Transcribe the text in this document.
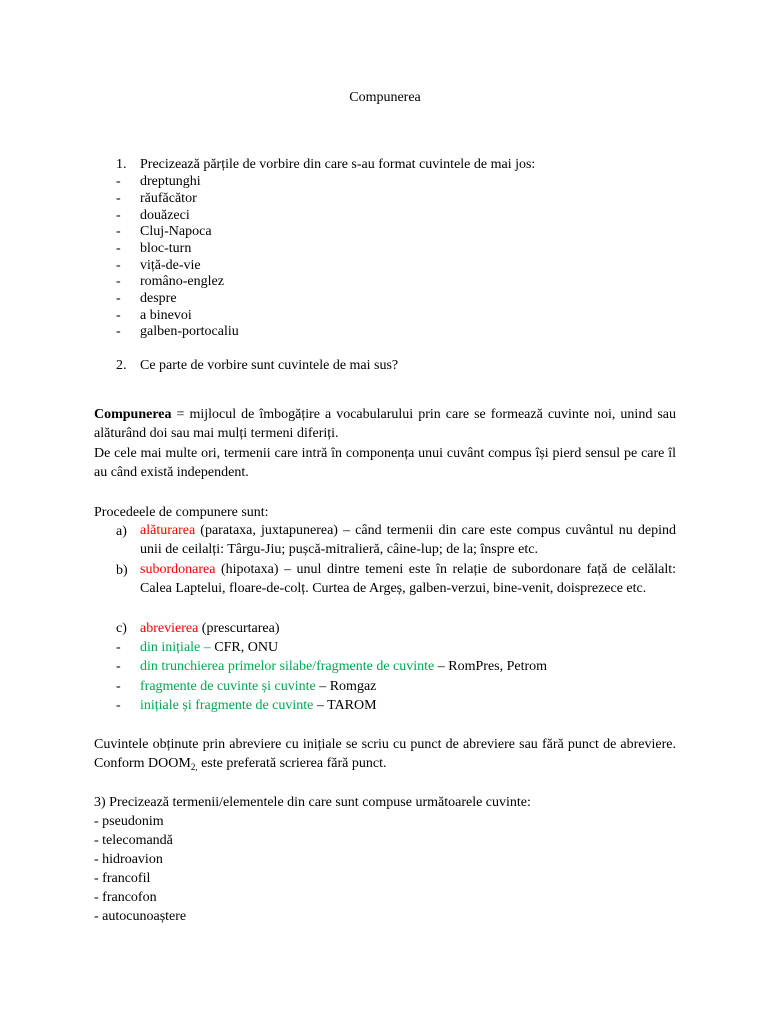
Compunerea
1. Precizează părțile de vorbire din care s-au format cuvintele de mai jos:
- dreptunghi
- răufăcător
- douăzeci
- Cluj-Napoca
- bloc-turn
- viță-de-vie
- româno-englez
- despre
- a binevoi
- galben-portocaliu
2. Ce parte de vorbire sunt cuvintele de mai sus?
Compunerea = mijlocul de îmbogățire a vocabularului prin care se formează cuvinte noi, unind sau alăturând doi sau mai mulți termeni diferiți.
De cele mai multe ori, termenii care intră în componența unui cuvânt compus își pierd sensul pe care îl au când există independent.
Procedeele de compunere sunt:
a) alăturarea (parataxa, juxtapunerea) – când termenii din care este compus cuvântul nu depind unii de ceilalți: Târgu-Jiu; pușcă-mitralieră, câine-lup; de la; înspre etc.
b) subordonarea (hipotaxa) – unul dintre temeni este în relație de subordonare față de celălalt: Calea Laptelui, floare-de-colț. Curtea de Argeș, galben-verzui, bine-venit, doisprezece etc.
c) abrevierea (prescurtarea)
- din inițiale – CFR, ONU
- din trunchierea primelor silabe/fragmente de cuvinte – RomPres, Petrom
- fragmente de cuvinte și cuvinte – Romgaz
- inițiale și fragmente de cuvinte – TAROM
Cuvintele obținute prin abreviere cu inițiale se scriu cu punct de abreviere sau fără punct de abreviere. Conform $DOOM_{2,}$ este preferată scrierea fără punct.
3) Precizează termenii/elementele din care sunt compuse următoarele cuvinte:
- pseudonim
- telecomandă
- hidroavion
- francofil
- francofon
- autocunoaștere
